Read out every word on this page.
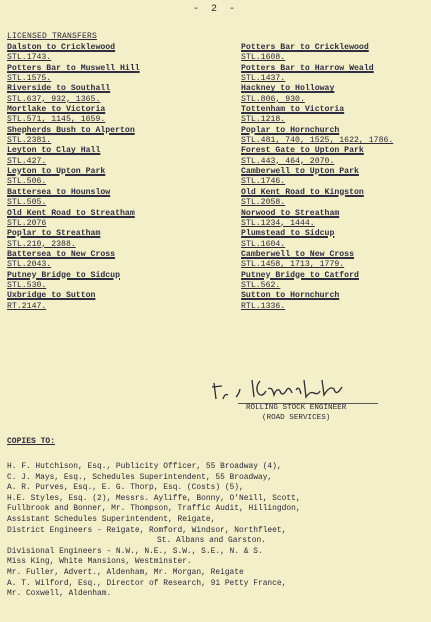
- 2 -
LICENSED TRANSFERS
Dalston to Cricklewood
STL.1743.
Potters Bar to Muswell Hill
STL.1575.
Riverside to Southall
STL.637, 932, 1365.
Mortlake to Victoria
STL.571, 1145, 1659.
Shepherds Bush to Alperton
STL.2381.
Leyton to Clay Hall
STL.427.
Leyton to Upton Park
STL.506.
Battersea to Hounslow
STL.505.
Old Kent Road to Streatham
STL.2076
Poplar to Streatham
STL.210, 2388.
Battersea to New Cross
STL.2043.
Putney Bridge to Sidcup
STL.530.
Uxbridge to Sutton
RT.2147.
Potters Bar to Cricklewood
STL.1608.
Potters Bar to Harrow Weald
STL.1437.
Hackney to Holloway
STL.806, 930.
Tottenham to Victoria
STL.1218.
Poplar to Hornchurch
STL.481, 740, 1525, 1622, 1786.
Forest Gate to Upton Park
STL.443, 464, 2070.
Camberwell to Upton Park
STL.1746.
Old Kent Road to Kingston
STL.2058.
Norwood to Streatham
STL.1234, 1444.
Plumstead to Sidcup
STL.1604.
Camberwell to New Cross
STL.1458, 1713, 1779.
Putney Bridge to Catford
STL.562.
Sutton to Hornchurch
RTL.1336.
ROLLING STOCK ENGINEER
(ROAD SERVICES)
COPIES TO:
H. F. Hutchison, Esq., Publicity Officer, 55 Broadway (4),
C. J. Mays, Esq., Schedules Superintendent, 55 Broadway,
A. R. Purves, Esq., E. G. Thorp, Esq. (Costs) (5),
H.E. Styles, Esq. (2), Messrs. Ayliffe, Bonny, O'Neill, Scott,
Fullbrook and Bonner, Mr. Thompson, Traffic Audit, Hillingdon,
Assistant Schedules Superintendent, Reigate,
District Engineers - Reigate, Romford, Windsor, Northfleet,
St. Albans and Garston.
Divisional Engineers - N.W., N.E., S.W., S.E., N. & S.
Miss King, White Mansions, Westminster.
Mr. Fuller, Advert., Aldenham, Mr. Morgan, Reigate
A. T. Wilford, Esq., Director of Research, 91 Petty France,
Mr. Coxwell, Aldenham.
